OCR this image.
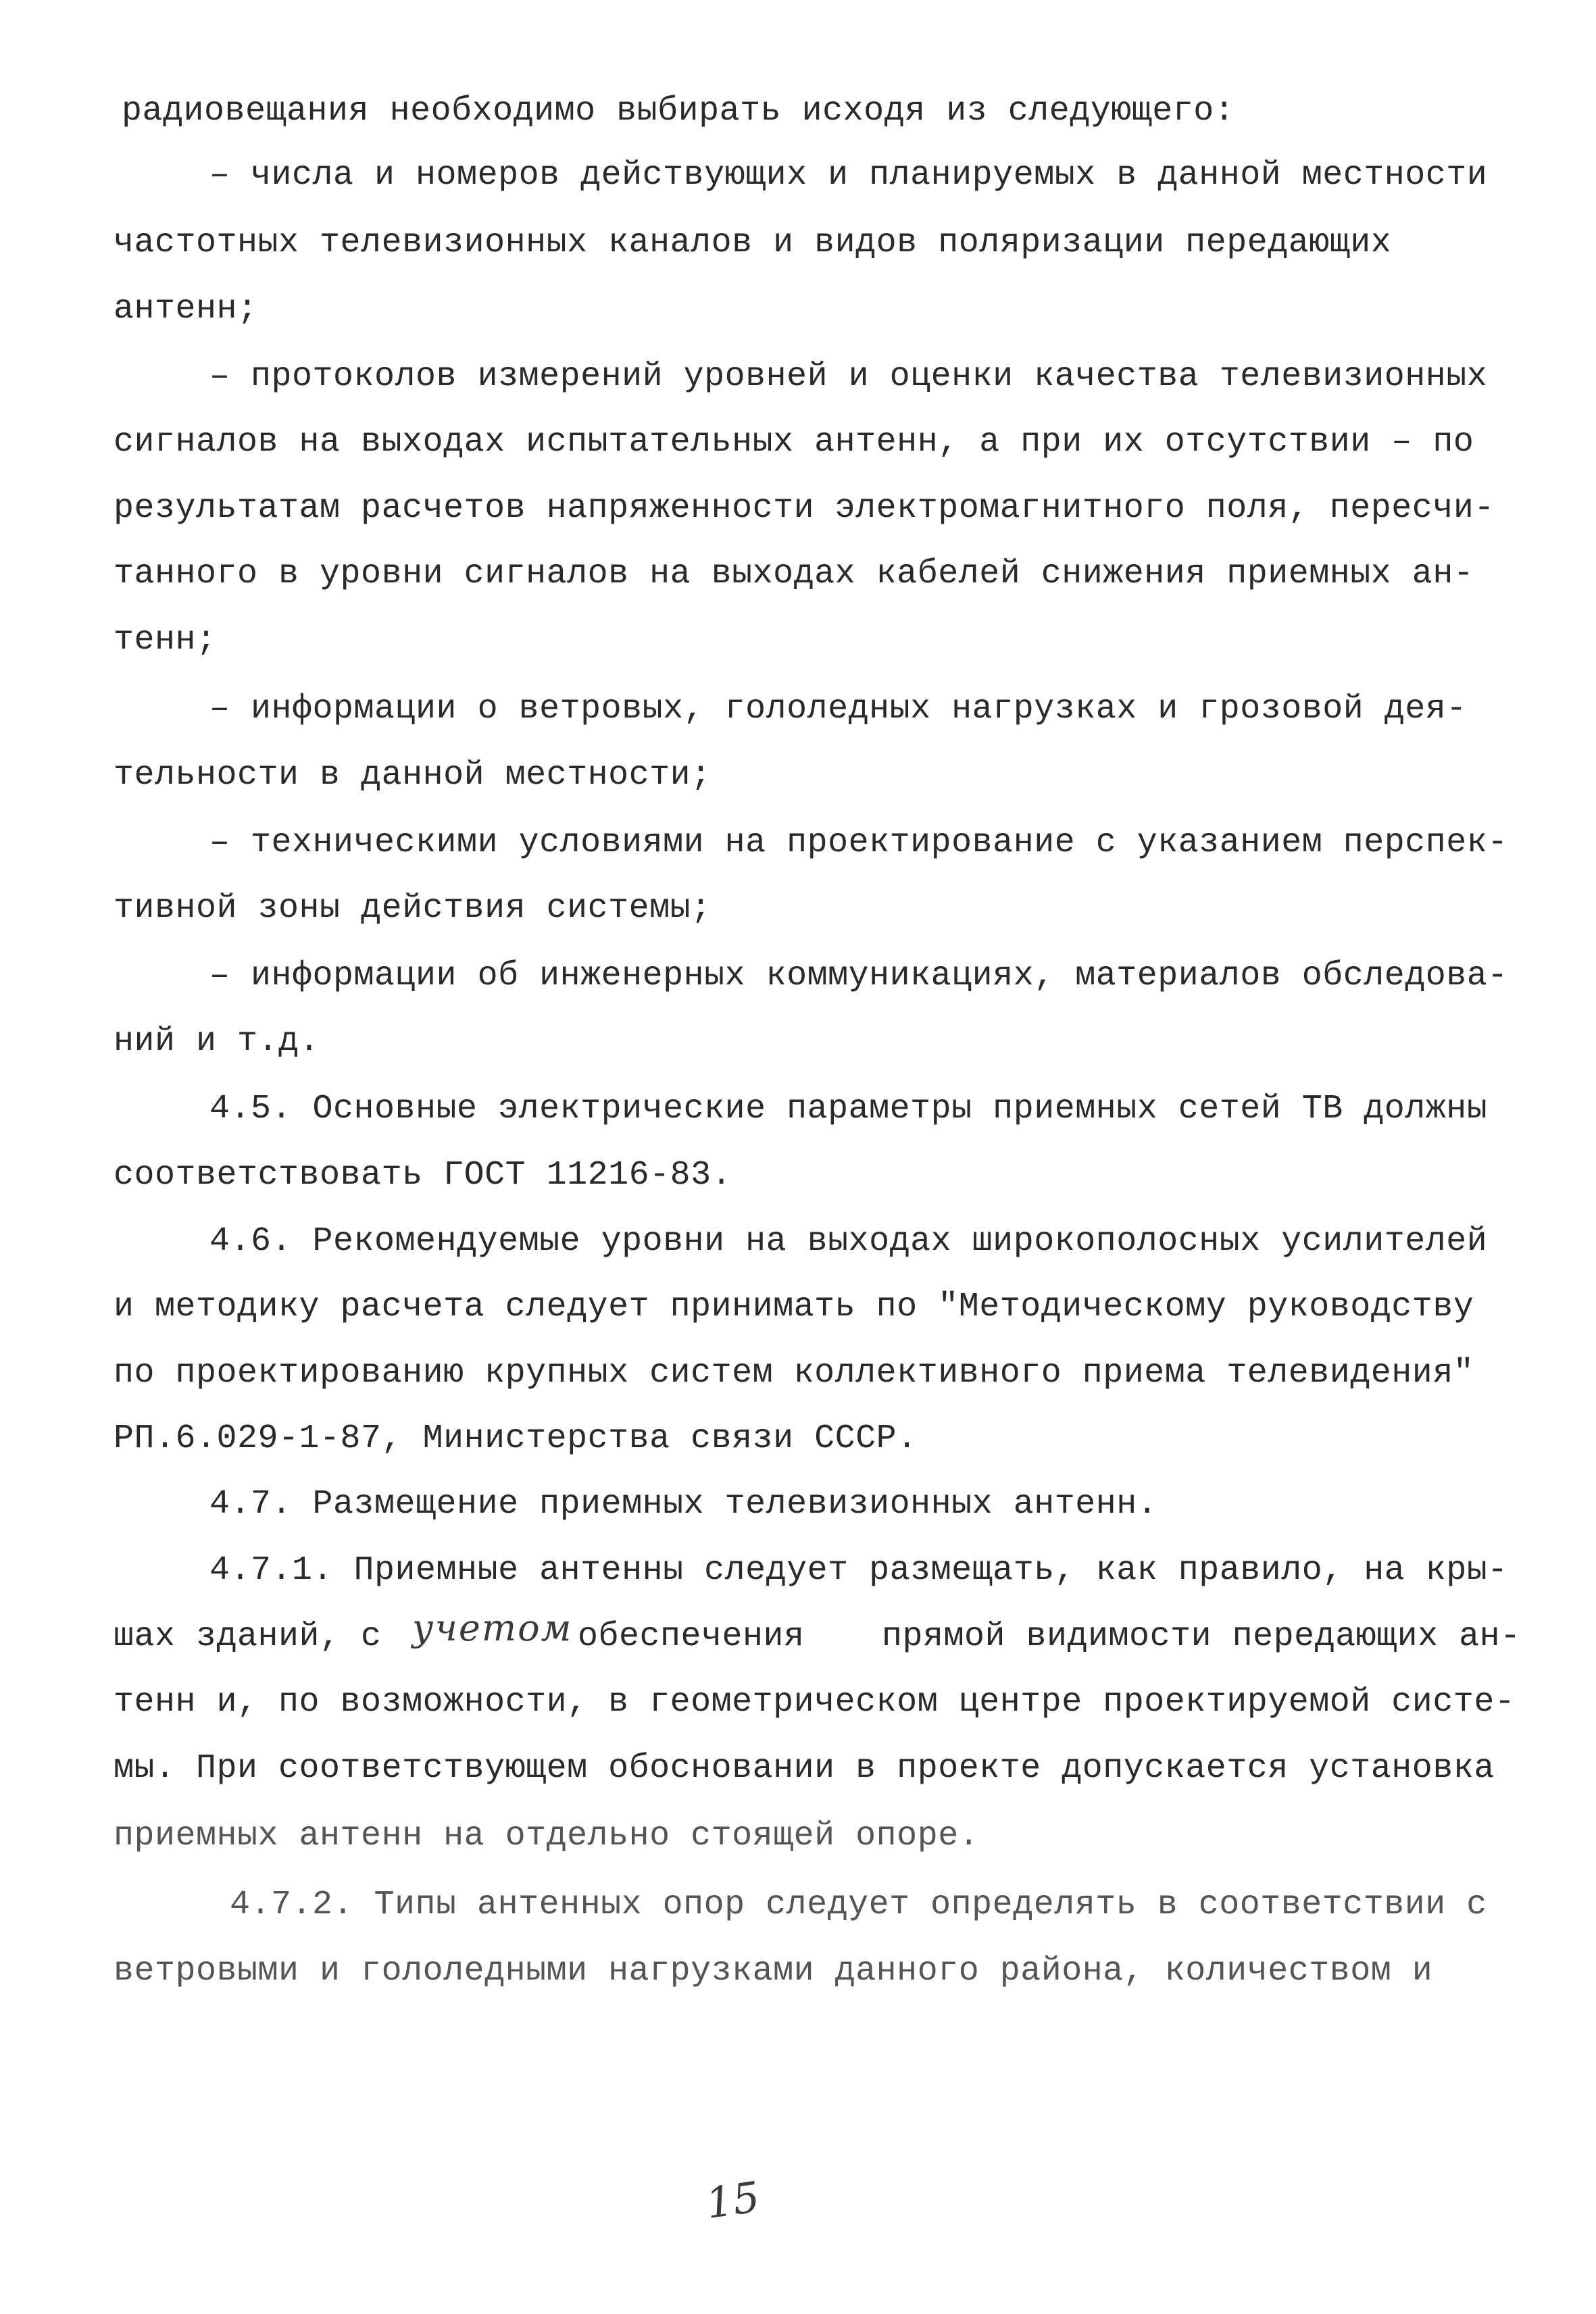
радиовещания необходимо выбирать исходя из следующего:
– числа и номеров действующих и планируемых в данной местности
частотных телевизионных каналов и видов поляризации передающих
антенн;
– протоколов измерений уровней и оценки качества телевизионных
сигналов на выходах испытательных антенн, а при их отсутствии – по
результатам расчетов напряженности электромагнитного поля, пересчи-
танного в уровни сигналов на выходах кабелей снижения приемных ан-
тенн;
– информации о ветровых, гололедных нагрузках и грозовой дея-
тельности в данной местности;
– техническими условиями на проектирование с указанием перспек-
тивной зоны действия системы;
– информации об инженерных коммуникациях, материалов обследова-
ний и т.д.
4.5. Основные электрические параметры приемных сетей ТВ должны
соответствовать ГОСТ 11216-83.
4.6. Рекомендуемые уровни на выходах широкополосных усилителей
и методику расчета следует принимать по "Методическому руководству
по проектированию крупных систем коллективного приема телевидения"
РП.6.029-1-87, Министерства связи СССР.
4.7. Размещение приемных телевизионных антенн.
4.7.1. Приемные антенны следует размещать, как правило, на кры-
шах зданий, с учетом обеспечения прямой видимости передающих ан-
тенн и, по возможности, в геометрическом центре проектируемой систе-
мы. При соответствующем обосновании в проекте допускается установка
приемных антенн на отдельно стоящей опоре.
4.7.2. Типы антенных опор следует определять в соответствии с
ветровыми и гололедными нагрузками данного района, количеством и
15
